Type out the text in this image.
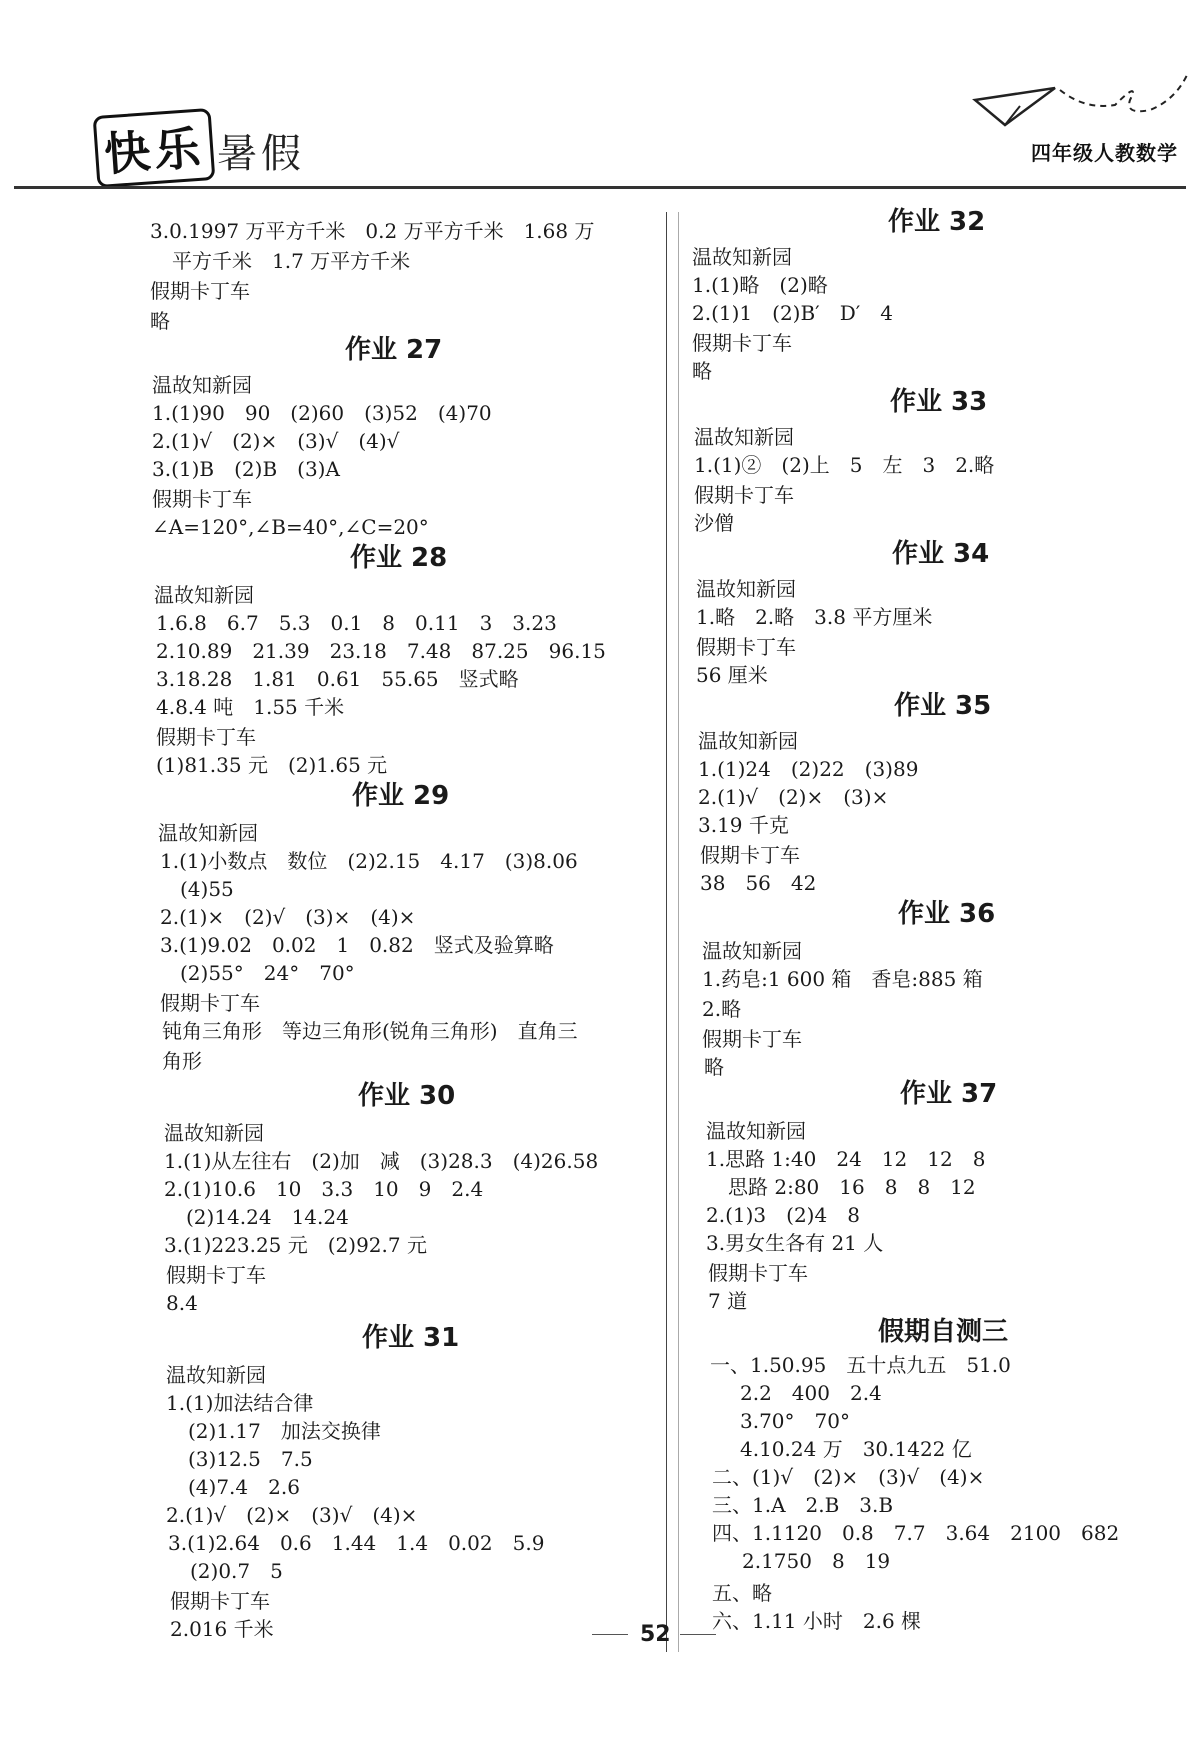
快乐 暑假	四年级人教数学
3.0.1997 万平方千米　0.2 万平方千米　1.68 万
平方千米　1.7 万平方千米
假期卡丁车
略
作业 27
温故知新园
1.(1)90　90　(2)60　(3)52　(4)70
2.(1)√　(2)×　(3)√　(4)√
3.(1)B　(2)B　(3)A
假期卡丁车
∠A=120°,∠B=40°,∠C=20°
作业 28
温故知新园
1.6.8　6.7　5.3　0.1　8　0.11　3　3.23
2.10.89　21.39　23.18　7.48　87.25　96.15
3.18.28　1.81　0.61　55.65　竖式略
4.8.4 吨　1.55 千米
假期卡丁车
(1)81.35 元　(2)1.65 元
作业 29
温故知新园
1.(1)小数点　数位　(2)2.15　4.17　(3)8.06
(4)55
2.(1)×　(2)√　(3)×　(4)×
3.(1)9.02　0.02　1　0.82　竖式及验算略
(2)55°　24°　70°
假期卡丁车
钝角三角形　等边三角形(锐角三角形)　直角三
角形
作业 30
温故知新园
1.(1)从左往右　(2)加　减　(3)28.3　(4)26.58
2.(1)10.6　10　3.3　10　9　2.4
(2)14.24　14.24
3.(1)223.25 元　(2)92.7 元
假期卡丁车
8.4
作业 31
温故知新园
1.(1)加法结合律
(2)1.17　加法交换律
(3)12.5　7.5
(4)7.4　2.6
2.(1)√　(2)×　(3)√　(4)×
3.(1)2.64　0.6　1.44　1.4　0.02　5.9
(2)0.7　5
假期卡丁车
2.016 千米
作业 32
温故知新园
1.(1)略　(2)略
2.(1)1　(2)B′　D′　4
假期卡丁车
略
作业 33
温故知新园
1.(1)②　(2)上　5　左　3　2.略
假期卡丁车
沙僧
作业 34
温故知新园
1.略　2.略　3.8 平方厘米
假期卡丁车
56 厘米
作业 35
温故知新园
1.(1)24　(2)22　(3)89
2.(1)√　(2)×　(3)×
3.19 千克
假期卡丁车
38　56　42
作业 36
温故知新园
1.药皂:1 600 箱　香皂:885 箱
2.略
假期卡丁车
略
作业 37
温故知新园
1.思路 1:40　24　12　12　8
思路 2:80　16　8　8　12
2.(1)3　(2)4　8
3.男女生各有 21 人
假期卡丁车
7 道
假期自测三
一、1.50.95　五十点九五　51.0
2.2　400　2.4
3.70°　70°
4.10.24 万　30.1422 亿
二、(1)√　(2)×　(3)√　(4)×
三、1.A　2.B　3.B
四、1.1120　0.8　7.7　3.64　2100　682
2.1750　8　19
五、略
六、1.11 小时　2.6 棵
52
